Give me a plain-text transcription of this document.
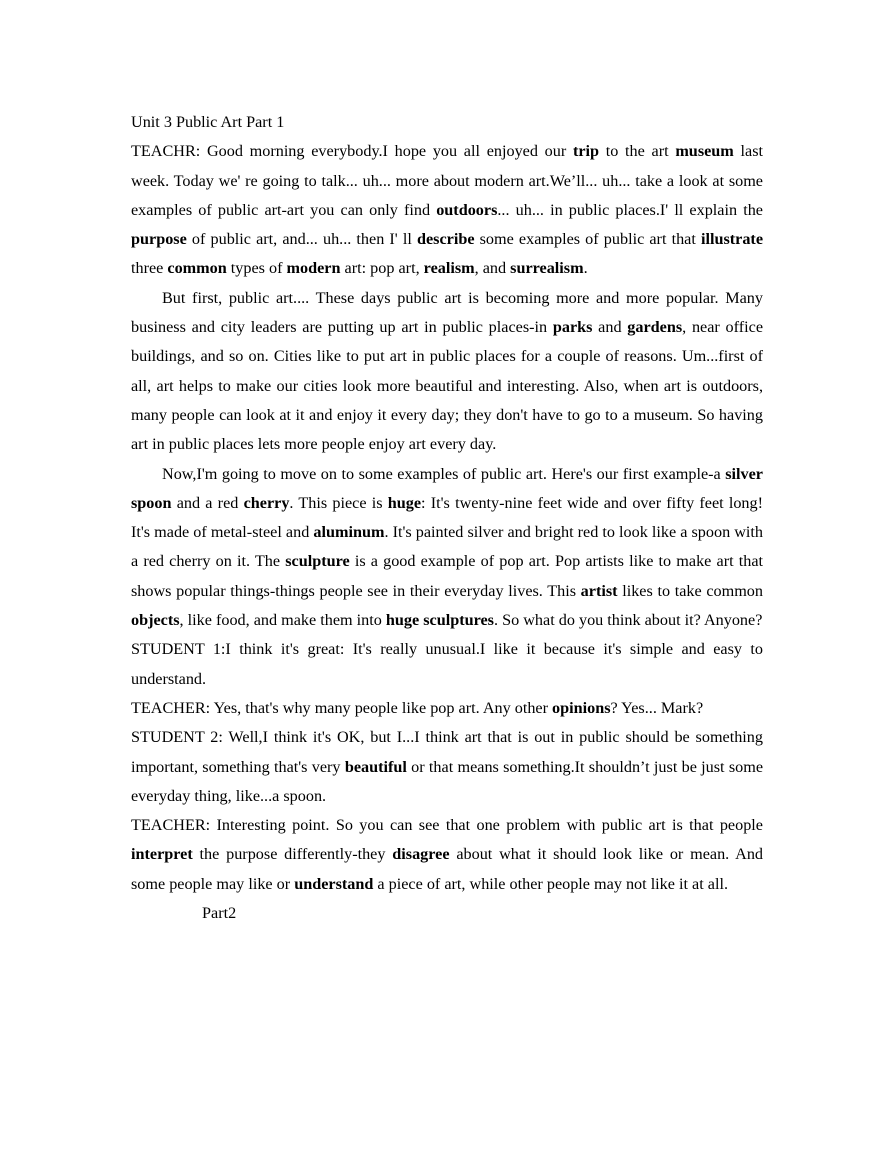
Unit 3 Public Art Part 1

TEACHR: Good morning everybody.I hope you all enjoyed our trip to the art museum last week. Today we' re going to talk... uh... more about modern art.We’ll... uh... take a look at some examples of public art-art you can only find outdoors... uh... in public places.I' ll explain the purpose of public art, and... uh... then I' ll describe some examples of public art that illustrate three common types of modern art: pop art, realism, and surrealism.

But first, public art.... These days public art is becoming more and more popular. Many business and city leaders are putting up art in public places-in parks and gardens, near office buildings, and so on. Cities like to put art in public places for a couple of reasons. Um...first of all, art helps to make our cities look more beautiful and interesting. Also, when art is outdoors, many people can look at it and enjoy it every day; they don't have to go to a museum. So having art in public places lets more people enjoy art every day.

Now,I'm going to move on to some examples of public art. Here's our first example-a silver spoon and a red cherry. This piece is huge: It's twenty-nine feet wide and over fifty feet long! It's made of metal-steel and aluminum. It's painted silver and bright red to look like a spoon with a red cherry on it. The sculpture is a good example of pop art. Pop artists like to make art that shows popular things-things people see in their everyday lives. This artist likes to take common objects, like food, and make them into huge sculptures. So what do you think about it? Anyone?

STUDENT 1:I think it's great: It's really unusual.I like it because it's simple and easy to understand.

TEACHER: Yes, that's why many people like pop art. Any other opinions? Yes... Mark?

STUDENT 2: Well,I think it's OK, but I...I think art that is out in public should be something important, something that's very beautiful or that means something.It shouldn’t just be just some everyday thing, like...a spoon.

TEACHER: Interesting point. So you can see that one problem with public art is that people interpret the purpose differently-they disagree about what it should look like or mean. And some people may like or understand a piece of art, while other people may not like it at all.

Part2
